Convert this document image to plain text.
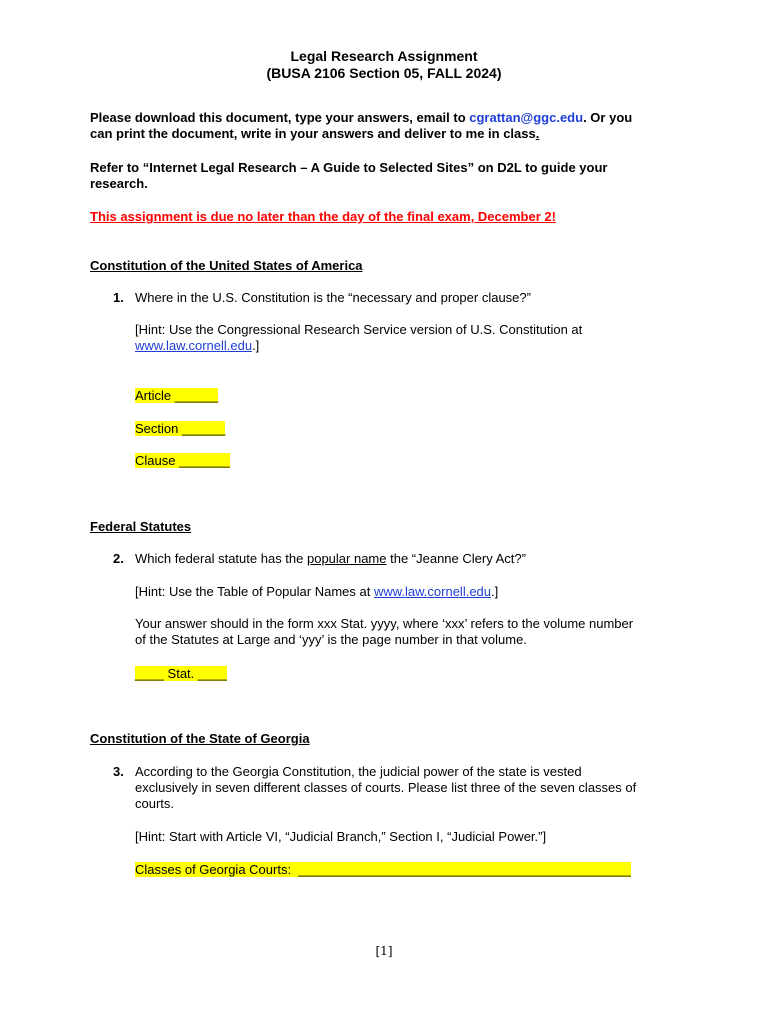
Legal Research Assignment
(BUSA 2106 Section 05, FALL 2024)
Please download this document, type your answers, email to cgrattan@ggc.edu. Or you
can print the document, write in your answers and deliver to me in class.
Refer to “Internet Legal Research – A Guide to Selected Sites” on D2L to guide your
research.
This assignment is due no later than the day of the final exam, December 2!
Constitution of the United States of America
1. Where in the U.S. Constitution is the “necessary and proper clause?”
[Hint: Use the Congressional Research Service version of U.S. Constitution at
www.law.cornell.edu.]
Article ______
Section ______
Clause _______
Federal Statutes
2. Which federal statute has the popular name the “Jeanne Clery Act?”
[Hint: Use the Table of Popular Names at www.law.cornell.edu.]
Your answer should in the form xxx Stat. yyyy, where ‘xxx’ refers to the volume number
of the Statutes at Large and ‘yyy’ is the page number in that volume.
____ Stat. ____
Constitution of the State of Georgia
3. According to the Georgia Constitution, the judicial power of the state is vested
exclusively in seven different classes of courts. Please list three of the seven classes of
courts.
[Hint: Start with Article VI, “Judicial Branch,” Section I, “Judicial Power.”]
Classes of Georgia Courts:  ______________________________________________
[1]
